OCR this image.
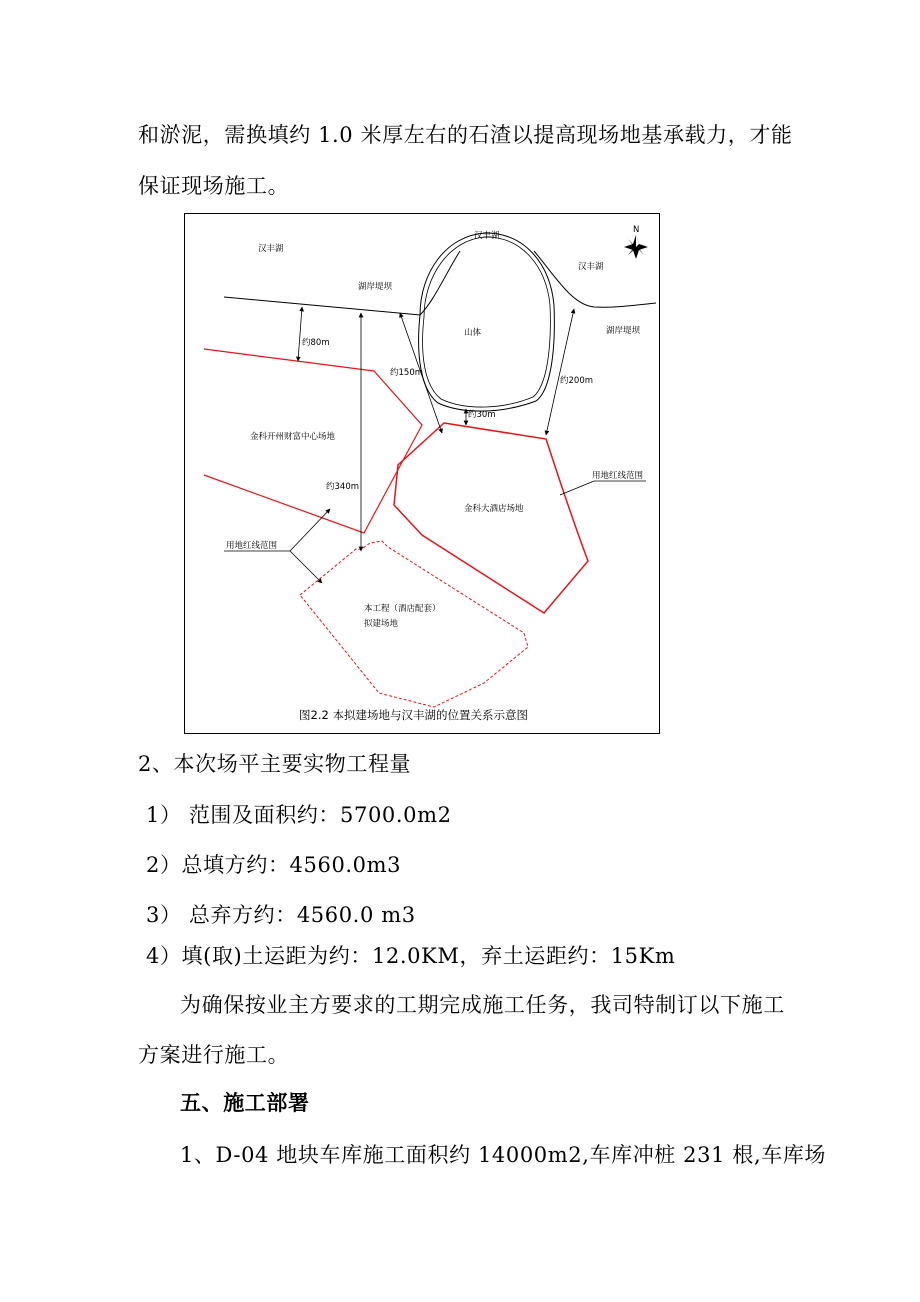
和淤泥，需换填约 1.0 米厚左右的石渣以提高现场地基承载力，才能
保证现场施工。
N
汉丰湖
汉丰湖
汉丰湖
湖岸堤坝
湖岸堤坝
山体
约80m
约150m
约30m
约200m
约340m
金科开州财富中心场地
金科大酒店场地
用地红线范围
用地红线范围
本工程（酒店配套）
拟建场地
图2.2 本拟建场地与汉丰湖的位置关系示意图
2、本次场平主要实物工程量
1） 范围及面积约：5700.0m2
2）总填方约：4560.0m3
3） 总弃方约：4560.0 m3
4）填(取)土运距为约：12.0KM，弃土运距约：15Km
为确保按业主方要求的工期完成施工任务，我司特制订以下施工
方案进行施工。
五、施工部署
1、D-04 地块车库施工面积约 14000m2,车库冲桩 231 根,车库场
